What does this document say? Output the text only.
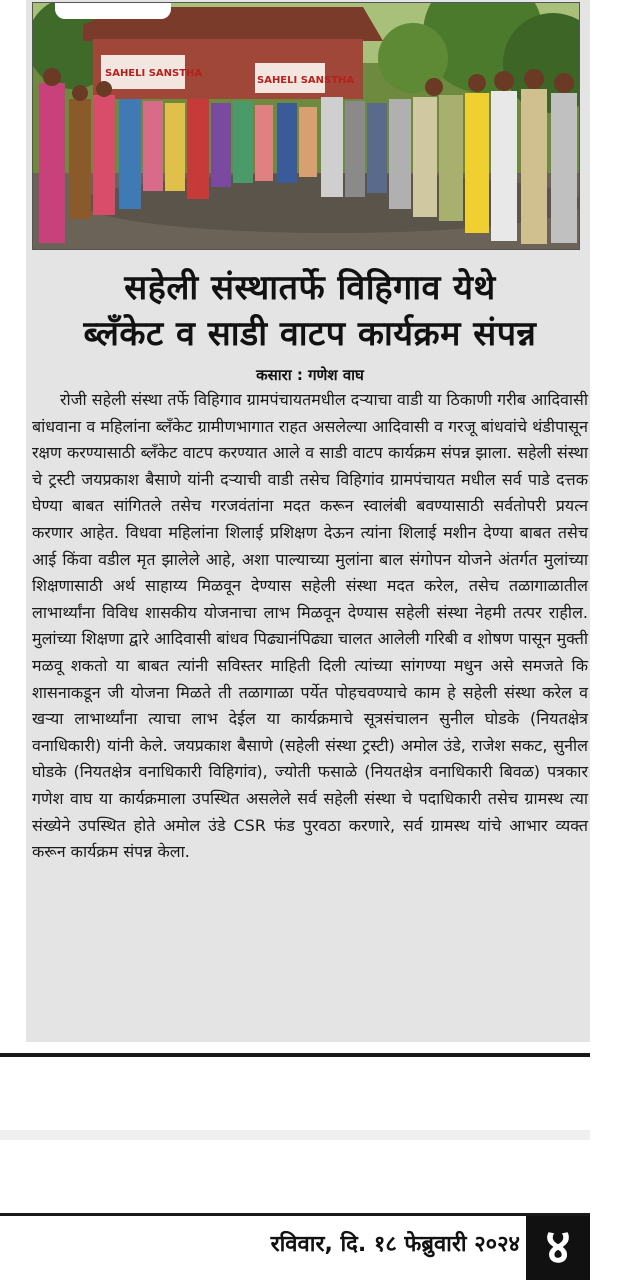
SAHELI SANSTHA
SAHELI SANSTHA
सहेली संस्थातर्फे विहिगाव येथे
ब्लँकेट व साडी वाटप कार्यक्रम संपन्न
कसारा : गणेश वाघ
रोजी सहेली संस्था तर्फे विहिगाव ग्रामपंचायतमधील दऱ्याचा वाडी या ठिकाणी गरीब आदिवासी बांधवाना व महिलांना ब्लँकेट ग्रामीणभागात राहत असलेल्या आदिवासी व गरजू बांधवांचे थंडीपासून रक्षण करण्यासाठी ब्लँकेट वाटप करण्यात आले व साडी वाटप कार्यक्रम संपन्न झाला. सहेली संस्था चे ट्रस्टी जयप्रकाश बैसाणे यांनी दऱ्याची वाडी तसेच विहिगांव ग्रामपंचायत मधील सर्व पाडे दत्तक घेण्या बाबत सांगितले तसेच गरजवंतांना मदत करून स्वालंबी बवण्यासाठी सर्वतोपरी प्रयत्न करणार आहेत. विधवा महिलांना शिलाई प्रशिक्षण देऊन त्यांना शिलाई मशीन देण्या बाबत तसेच आई किंवा वडील मृत झालेले आहे, अशा पाल्याच्या मुलांना बाल संगोपन योजने अंतर्गत मुलांच्या शिक्षणासाठी अर्थ साहाय्य मिळवून देण्यास सहेली संस्था मदत करेल, तसेच तळागाळातील लाभार्थ्यांना विविध शासकीय योजनाचा लाभ मिळवून देण्यास सहेली संस्था नेहमी तत्पर राहील. मुलांच्या शिक्षणा द्वारे आदिवासी बांधव पिढ्यानंपिढ्या चालत आलेली गरिबी व शोषण पासून मुक्ती मळवू शकतो या बाबत त्यांनी सविस्तर माहिती दिली त्यांच्या सांगण्या मधुन असे समजते कि शासनाकडून जी योजना मिळते ती तळागाळा पर्येत पोहचवण्याचे काम हे सहेली संस्था करेल व खऱ्या लाभार्थ्यांना त्याचा लाभ देईल या कार्यक्रमाचे सूत्रसंचालन सुनील घोडके (नियतक्षेत्र वनाधिकारी) यांनी केले. जयप्रकाश बैसाणे (सहेली संस्था ट्रस्टी) अमोल उंडे, राजेश सकट, सुनील घोडके (नियतक्षेत्र वनाधिकारी विहिगांव), ज्योती फसाळे (नियतक्षेत्र वनाधिकारी बिवळ) पत्रकार गणेश वाघ या कार्यक्रमाला उपस्थित असलेले सर्व सहेली संस्था चे पदाधिकारी तसेच ग्रामस्थ त्या संख्येने उपस्थित होते अमोल उंडे CSR फंड पुरवठा करणारे, सर्व ग्रामस्थ यांचे आभार व्यक्त करून कार्यक्रम संपन्न केला.
रविवार, दि. १८ फेब्रुवारी २०२४ ४
